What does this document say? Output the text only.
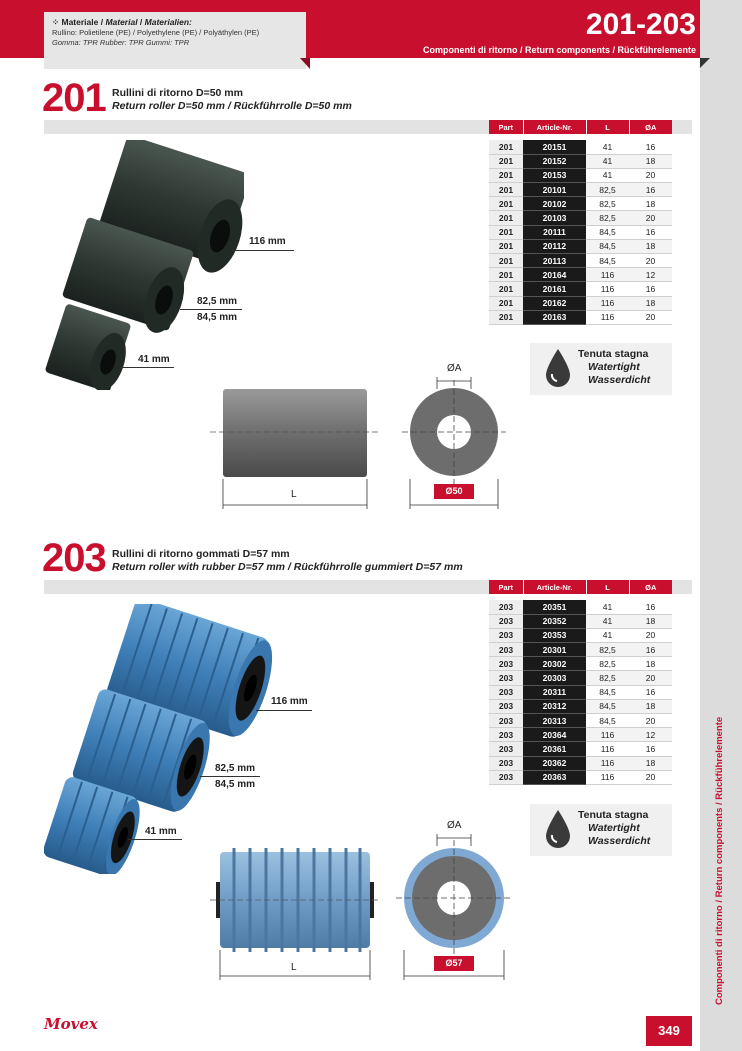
⁘ Materiale / Material / Materialien:
Rullino: Polietilene (PE) / Polyethylene (PE) / Polyäthylen (PE)
Gomma: TPR Rubber: TPR Gummi: TPR
201-203
Componenti di ritorno / Return components / Rückführelemente
Componenti di ritorno / Return components / Rückführelemente
201 Rullini di ritorno D=50 mm
Return roller D=50 mm / Rückführrolle D=50 mm
Part	Article-Nr.	L	ØA

201	20151	41	16
201	20152	41	18
201	20153	41	20
201	20101	82,5	16
201	20102	82,5	18
201	20103	82,5	20
201	20111	84,5	16
201	20112	84,5	18
201	20113	84,5	20
201	20164	116	12
201	20161	116	16
201	20162	116	18
201	20163	116	20
116 mm
82,5 mm
84,5 mm
41 mm	Tenuta stagna
Watertight
Wasserdicht
ØA
L	Ø50
203 Rullini di ritorno gommati D=57 mm
Return roller with rubber D=57 mm / Rückführrolle gummiert D=57 mm
Part	Article-Nr.	L	ØA

203	20351	41	16
203	20352	41	18
203	20353	41	20
203	20301	82,5	16
203	20302	82,5	18
203	20303	82,5	20
203	20311	84,5	16
203	20312	84,5	18
203	20313	84,5	20
203	20364	116	12
203	20361	116	16
203	20362	116	18
203	20363	116	20
116 mm
82,5 mm
84,5 mm
41 mm
Tenuta stagna
Watertight
Wasserdicht
ØA
L	Ø57
Movex	349
